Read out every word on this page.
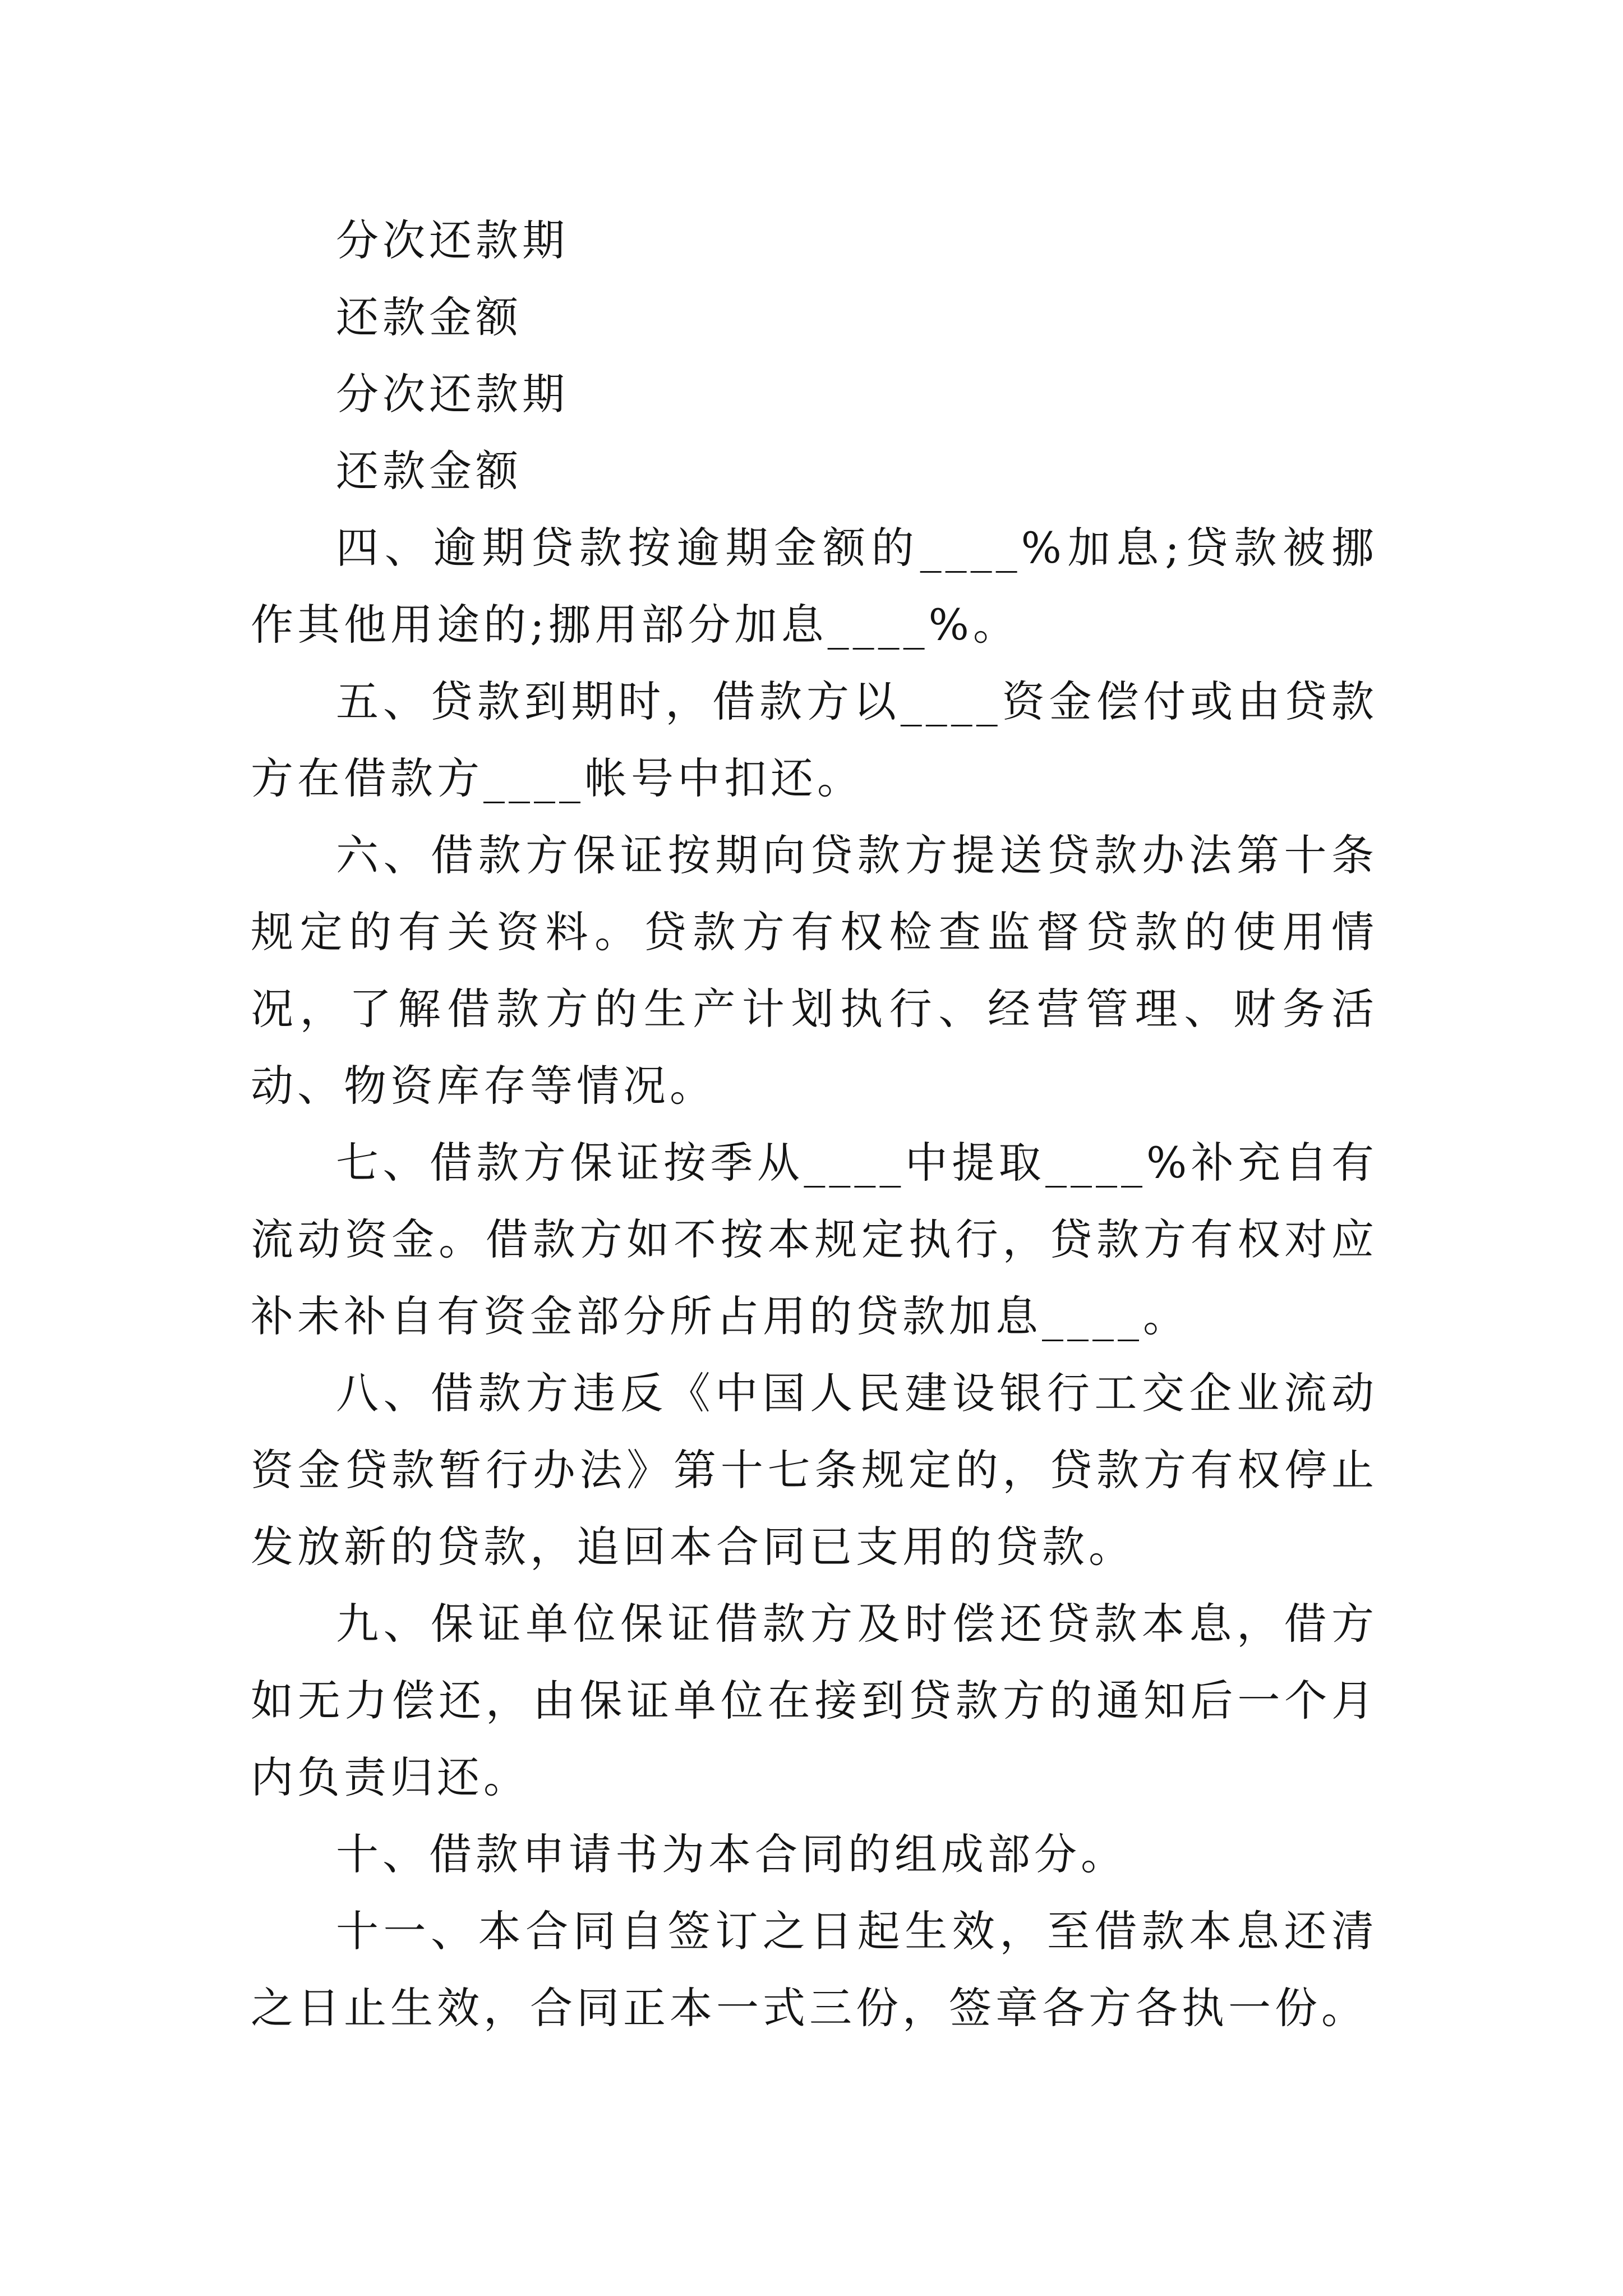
分次还款期

还款金额

分次还款期

还款金额

四、逾期贷款按逾期金额的____%加息;贷款被挪作其他用途的;挪用部分加息____%。

五、贷款到期时，借款方以____资金偿付或由贷款方在借款方____帐号中扣还。

六、借款方保证按期向贷款方提送贷款办法第十条规定的有关资料。贷款方有权检查监督贷款的使用情况，了解借款方的生产计划执行、经营管理、财务活动、物资库存等情况。

七、借款方保证按季从____中提取____%补充自有流动资金。借款方如不按本规定执行，贷款方有权对应补未补自有资金部分所占用的贷款加息____。

八、借款方违反《中国人民建设银行工交企业流动资金贷款暂行办法》第十七条规定的，贷款方有权停止发放新的贷款，追回本合同已支用的贷款。

九、保证单位保证借款方及时偿还贷款本息，借方如无力偿还，由保证单位在接到贷款方的通知后一个月内负责归还。

十、借款申请书为本合同的组成部分。

十一、本合同自签订之日起生效，至借款本息还清之日止生效，合同正本一式三份，签章各方各执一份。
